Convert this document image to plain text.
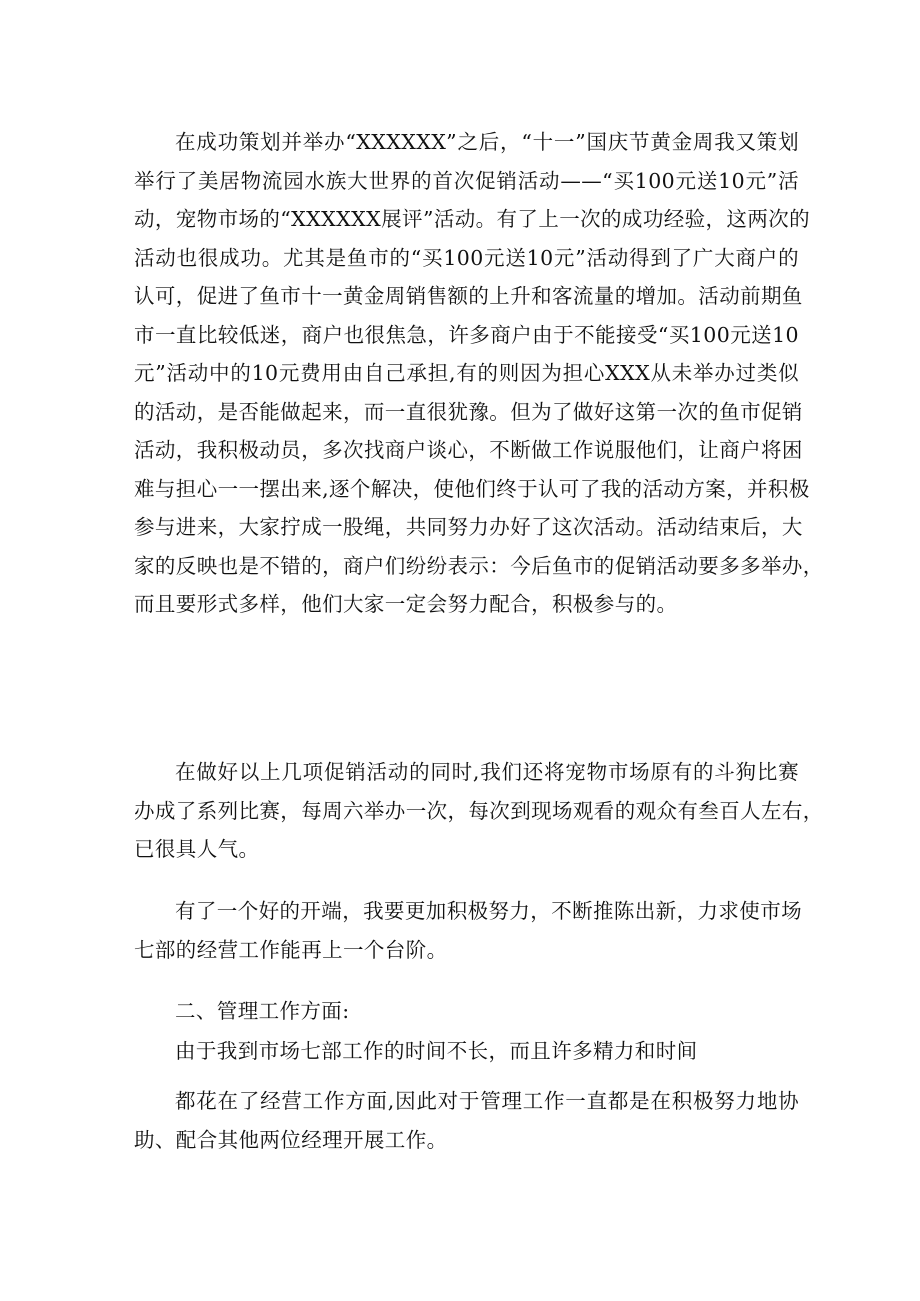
在成功策划并举办“XXXXXX”之后，“十一”国庆节黄金周我又策划
举行了美居物流园水族大世界的首次促销活动——“买100元送10元”活
动，宠物市场的“XXXXXX展评”活动。有了上一次的成功经验，这两次的
活动也很成功。尤其是鱼市的“买100元送10元”活动得到了广大商户的
认可，促进了鱼市十一黄金周销售额的上升和客流量的增加。活动前期鱼
市一直比较低迷，商户也很焦急，许多商户由于不能接受“买100元送10
元”活动中的10元费用由自己承担,有的则因为担心XXX从未举办过类似
的活动，是否能做起来，而一直很犹豫。但为了做好这第一次的鱼市促销
活动，我积极动员，多次找商户谈心，不断做工作说服他们，让商户将困
难与担心一一摆出来,逐个解决，使他们终于认可了我的活动方案，并积极
参与进来，大家拧成一股绳，共同努力办好了这次活动。活动结束后，大
家的反映也是不错的，商户们纷纷表示：今后鱼市的促销活动要多多举办，
而且要形式多样，他们大家一定会努力配合，积极参与的。
在做好以上几项促销活动的同时,我们还将宠物市场原有的斗狗比赛
办成了系列比赛，每周六举办一次，每次到现场观看的观众有叁百人左右，
已很具人气。
有了一个好的开端，我要更加积极努力，不断推陈出新，力求使市场
七部的经营工作能再上一个台阶。
二、管理工作方面:
由于我到市场七部工作的时间不长，而且许多精力和时间
都花在了经营工作方面,因此对于管理工作一直都是在积极努力地协
助、配合其他两位经理开展工作。
